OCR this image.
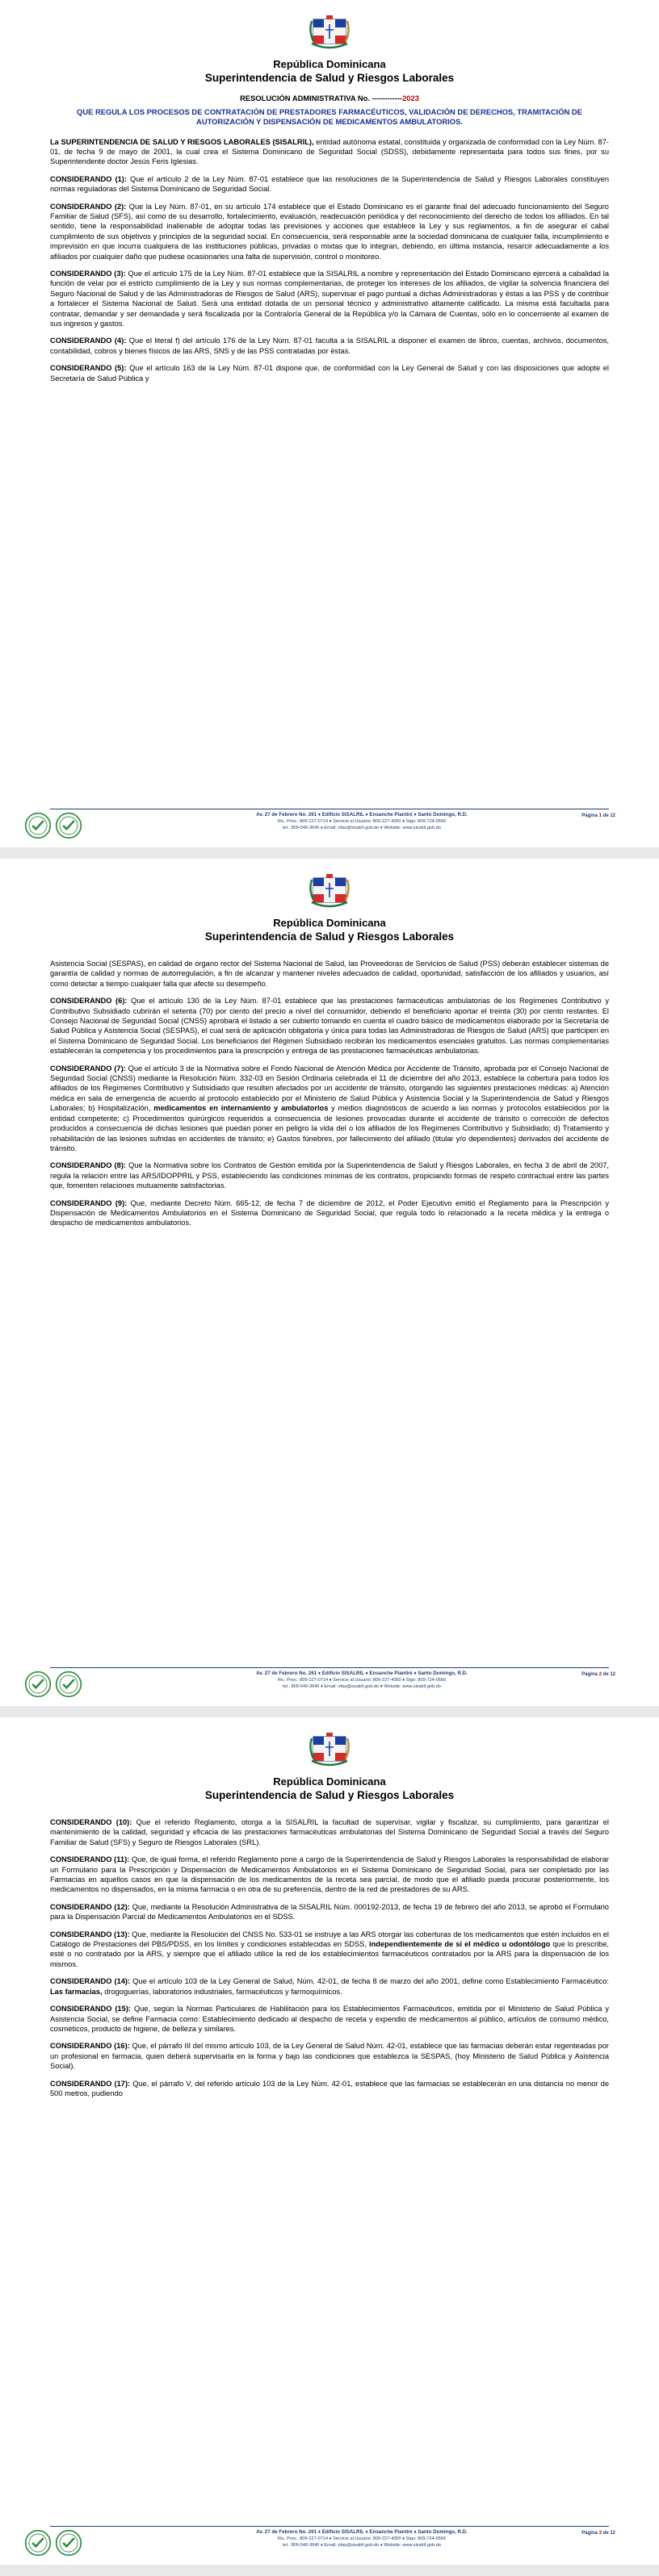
República Dominicana
Superintendencia de Salud y Riesgos Laborales
RESOLUCIÓN ADMINISTRATIVA No. ------------2023
QUE REGULA LOS PROCESOS DE CONTRATACIÓN DE PRESTADORES FARMACÉUTICOS, VALIDACIÓN DE DERECHOS, TRAMITACIÓN DE AUTORIZACIÓN Y DISPENSACIÓN DE MEDICAMENTOS AMBULATORIOS.

La SUPERINTENDENCIA DE SALUD Y RIESGOS LABORALES (SISALRIL), entidad autónoma estatal, constituida y organizada de conformidad con la Ley Núm. 87-01, de fecha 9 de mayo de 2001, la cual crea el Sistema Dominicano de Seguridad Social (SDSS), debidamente representada para todos sus fines, por su Superintendente doctor Jesús Feris Iglesias.

CONSIDERANDO (1): Que el artículo 2 de la Ley Núm. 87-01 establece que las resoluciones de la Superintendencia de Salud y Riesgos Laborales constituyen normas reguladoras del Sistema Dominicano de Seguridad Social.

CONSIDERANDO (2): Que la Ley Núm. 87-01, en su artículo 174 establece que el Estado Dominicano es el garante final del adecuado funcionamiento del Seguro Familiar de Salud (SFS), así como de su desarrollo, fortalecimiento, evaluación, readecuación periódica y del reconocimiento del derecho de todos los afiliados. En tal sentido, tiene la responsabilidad inalienable de adoptar todas las previsiones y acciones que establece la Ley y sus reglamentos, a fin de asegurar el cabal cumplimiento de sus objetivos y principios de la seguridad social. En consecuencia, será responsable ante la sociedad dominicana de cualquier falla, incumplimiento e imprevisión en que incurra cualquiera de las instituciones públicas, privadas o mixtas que lo integran, debiendo, en última instancia, resarcir adecuadamente a los afiliados por cualquier daño que pudiese ocasionarles una falta de supervisión, control o monitoreo.

CONSIDERANDO (3): Que el artículo 175 de la Ley Núm. 87-01 establece que la SISALRIL a nombre y representación del Estado Dominicano ejercerá a cabalidad la función de velar por el estricto cumplimiento de la Ley y sus normas complementarias, de proteger los intereses de los afiliados, de vigilar la solvencia financiera del Seguro Nacional de Salud y de las Administradoras de Riesgos de Salud (ARS), supervisar el pago puntual a dichas Administradoras y éstas a las PSS y de contribuir a fortalecer el Sistema Nacional de Salud. Será una entidad dotada de un personal técnico y administrativo altamente calificado. La misma está facultada para contratar, demandar y ser demandada y será fiscalizada por la Contraloría General de la República y/o la Cámara de Cuentas, sólo en lo concerniente al examen de sus ingresos y gastos.

CONSIDERANDO (4): Que el literal f) del artículo 176 de la Ley Núm. 87-01 faculta a la SISALRIL a disponer el examen de libros, cuentas, archivos, documentos, contabilidad, cobros y bienes físicos de las ARS, SNS y de las PSS contratadas por éstas.

CONSIDERANDO (5): Que el artículo 163 de la Ley Núm. 87-01 dispone que, de conformidad con la Ley General de Salud y con las disposiciones que adopte el Secretaría de Salud Pública y

Av. 27 de Febrero No. 261 ♦ Edificio SISALRIL ♦ Ensanche Piantini ♦ Santo Domingo, R.D.
Ric. Pres.: 809-227-0714 ♦ Servicio al Usuario: 809-227-4050 ♦ Stgo: 809-724-0556
tel.: 809-540-3640 ♦ Email: ofaa@sisalril.gob.do ♦ Website: www.sisalril.gob.do
Página 1 de 12
República Dominicana
Superintendencia de Salud y Riesgos Laborales

Asistencia Social (SESPAS), en calidad de órgano rector del Sistema Nacional de Salud, las Proveedoras de Servicios de Salud (PSS) deberán establecer sistemas de garantía de calidad y normas de autorregulación, a fin de alcanzar y mantener niveles adecuados de calidad, oportunidad, satisfacción de los afiliados y usuarios, así como detectar a tiempo cualquier falla que afecte su desempeño.

CONSIDERANDO (6): Que el artículo 130 de la Ley Núm. 87-01 establece que las prestaciones farmacéuticas ambulatorias de los Regímenes Contributivo y Contributivo Subsidiado cubrirán el setenta (70) por ciento del precio a nivel del consumidor, debiendo el beneficiario aportar el treinta (30) por ciento restantes. El Consejo Nacional de Seguridad Social (CNSS) aprobará el listado a ser cubierto tomando en cuenta el cuadro básico de medicamentos elaborado por la Secretaría de Salud Pública y Asistencia Social (SESPAS), el cual será de aplicación obligatoria y única para todas las Administradoras de Riesgos de Salud (ARS) que participen en el Sistema Dominicano de Seguridad Social. Los beneficiarios del Régimen Subsidiado recibirán los medicamentos esenciales gratuitos. Las normas complementarias establecerán la competencia y los procedimientos para la prescripción y entrega de las prestaciones farmacéuticas ambulatorias.

CONSIDERANDO (7): Que el artículo 3 de la Normativa sobre el Fondo Nacional de Atención Médica por Accidente de Tránsito, aprobada por el Consejo Nacional de Seguridad Social (CNSS) mediante la Resolución Núm. 332-03 en Sesión Ordinaria celebrada el 11 de diciembre del año 2013, establece la cobertura para todos los afiliados de los Regímenes Contributivo y Subsidiado que resulten afectados por un accidente de tránsito, otorgando las siguientes prestaciones médicas: a) Atención médica en sala de emergencia de acuerdo al protocolo establecido por el Ministerio de Salud Pública y Asistencia Social y la Superintendencia de Salud y Riesgos Laborales; b) Hospitalización, medicamentos en internamiento y ambulatorios y medios diagnósticos de acuerdo a las normas y protocolos establecidos por la entidad competente; c) Procedimientos quirúrgicos requeridos a consecuencia de lesiones provocadas durante el accidente de tránsito o corrección de defectos producidos a consecuencia de dichas lesiones que puedan poner en peligro la vida del o los afiliados de los Regímenes Contributivo y Subsidiado; d) Tratamiento y rehabilitación de las lesiones sufridas en accidentes de tránsito; e) Gastos fúnebres, por fallecimiento del afiliado (titular y/o dependientes) derivados del accidente de tránsito.

CONSIDERANDO (8): Que la Normativa sobre los Contratos de Gestión emitida por la Superintendencia de Salud y Riesgos Laborales, en fecha 3 de abril de 2007, regula la relación entre las ARS/IDOPPRIL y PSS, estableciendo las condiciones mínimas de los contratos, propiciando formas de respeto contractual entre las partes que, fomenten relaciones mutuamente satisfactorias.

CONSIDERANDO (9): Que, mediante Decreto Núm. 665-12, de fecha 7 de diciembre de 2012, el Poder Ejecutivo emitió el Reglamento para la Prescripción y Dispensación de Medicamentos Ambulatorios en el Sistema Dominicano de Seguridad Social, que regula todo lo relacionado a la receta médica y la entrega o despacho de medicamentos ambulatorios.

Av. 27 de Febrero No. 261 ♦ Edificio SISALRIL ♦ Ensanche Piantini ♦ Santo Domingo, R.D.
Ric. Pres.: 809-227-0714 ♦ Servicio al Usuario: 809-227-4050 ♦ Stgo: 809-724-0556
tel.: 809-540-3640 ♦ Email: ofaa@sisalril.gob.do ♦ Website: www.sisalril.gob.do
Página 2 de 12
República Dominicana
Superintendencia de Salud y Riesgos Laborales

CONSIDERANDO (10): Que el referido Reglamento, otorga a la SISALRIL la facultad de supervisar, vigilar y fiscalizar, su cumplimiento, para garantizar el mantenimiento de la calidad, seguridad y eficacia de las prestaciones farmacéuticas ambulatorias del Sistema Dominicano de Seguridad Social a través del Seguro Familiar de Salud (SFS) y Seguro de Riesgos Laborales (SRL).

CONSIDERANDO (11): Que, de igual forma, el referido Reglamento pone a cargo de la Superintendencia de Salud y Riesgos Laborales la responsabilidad de elaborar un Formulario para la Prescripción y Dispensación de Medicamentos Ambulatorios en el Sistema Dominicano de Seguridad Social, para ser completado por las Farmacias en aquellos casos en que la dispensación de los medicamentos de la receta sea parcial, de modo que el afiliado pueda procurar posteriormente, los medicamentos no dispensados, en la misma farmacia o en otra de su preferencia, dentro de la red de prestadores de su ARS.

CONSIDERANDO (12): Que, mediante la Resolución Administrativa de la SISALRIL Núm. 000192-2013, de fecha 19 de febrero del año 2013, se aprobó el Formulario para la Dispensación Parcial de Medicamentos Ambulatorios en el SDSS.

CONSIDERANDO (13): Que, mediante la Resolución del CNSS No. 533-01 se instruye a las ARS otorgar las coberturas de los medicamentos que estén incluidos en el Catálogo de Prestaciones del PBS/PDSS, en los límites y condiciones establecidas en SDSS, independientemente de si el médico u odontólogo que lo prescribe, esté o no contratado por la ARS, y siempre que el afiliado utilice la red de los establecimientos farmacéuticos contratados por la ARS para la dispensación de los mismos.

CONSIDERANDO (14): Que el artículo 103 de la Ley General de Salud, Núm. 42-01, de fecha 8 de marzo del año 2001, define como Establecimiento Farmacéutico: Las farmacias, drogoguerías, laboratorios industriales, farmacéuticos y farmoquímicos.

CONSIDERANDO (15): Que, según la Normas Particulares de Habilitación para los Establecimientos Farmacéuticos, emitida por el Ministerio de Salud Pública y Asistencia Social, se define Farmacia como: Establecimiento dedicado al despacho de receta y expendio de medicamentos al público, artículos de consumo médico, cosméticos, producto de higiene, de belleza y similares.

CONSIDERANDO (16): Que, el párrafo III del mismo artículo 103, de la Ley General de Salud Núm. 42-01, establece que las farmacias deberán estar regenteadas por un profesional en farmacia, quien deberá supervisarla en la forma y bajo las condiciones que establezca la SESPAS, (hoy Ministerio de Salud Pública y Asistencia Social).

CONSIDERANDO (17): Que, el párrafo V, del referido artículo 103 de la Ley Núm. 42-01, establece que las farmacias se establecerán en una distancia no menor de 500 metros, pudiendo

Av. 27 de Febrero No. 261 ♦ Edificio SISALRIL ♦ Ensanche Piantini ♦ Santo Domingo, R.D.
Ric. Pres.: 809-227-0714 ♦ Servicio al Usuario: 809-227-4050 ♦ Stgo: 809-724-0556
tel.: 809-540-3640 ♦ Email: ofaa@sisalril.gob.do ♦ Website: www.sisalril.gob.do
Página 3 de 12
